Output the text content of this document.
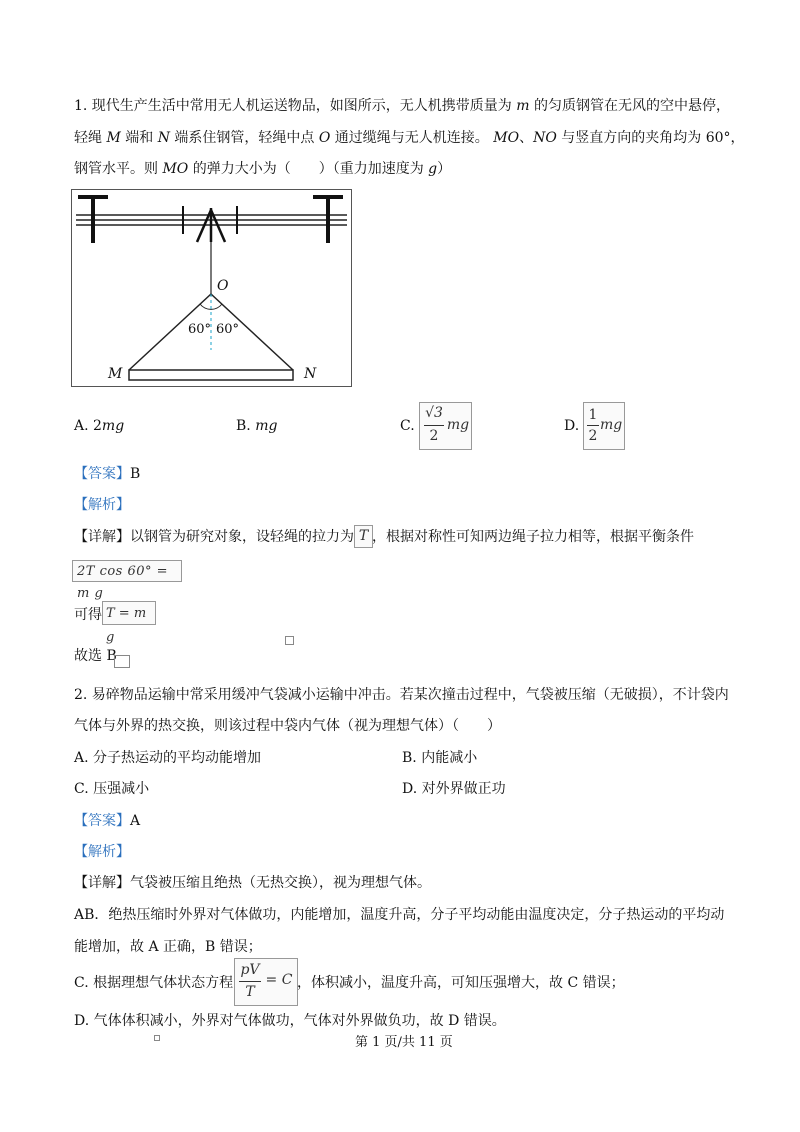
1. 现代生产生活中常用无人机运送物品，如图所示，无人机携带质量为 m 的匀质钢管在无风的空中悬停，
轻绳 M 端和 N 端系住钢管，轻绳中点 O 通过缆绳与无人机连接。 MO、NO 与竖直方向的夹角均为 60°，
钢管水平。则 MO 的弹力大小为（　　）（重力加速度为 g）
O
60° 60°
M	N
A. 2mg	B. mg	C.
√3
2
mg	D.
1
2
mg
【答案】B
【解析】
【详解】以钢管为研究对象，设轻绳的拉力为 T ，根据对称性可知两边绳子拉力相等，根据平衡条件
2T cos 60° = m g
可得 T = m g
故选 B
2. 易碎物品运输中常采用缓冲气袋减小运输中冲击。若某次撞击过程中，气袋被压缩（无破损），不计袋内
气体与外界的热交换，则该过程中袋内气体（视为理想气体）（　　）
A. 分子热运动的平均动能增加	B. 内能减小
C. 压强减小	D. 对外界做正功
【答案】A
【解析】
【详解】气袋被压缩且绝热（无热交换），视为理想气体。
AB．绝热压缩时外界对气体做功，内能增加，温度升高，分子平均动能由温度决定，分子热运动的平均动
能增加，故 A 正确，B 错误；
C. 根据理想气体状态方程
pV
T
= C ，体积减小，温度升高，可知压强增大，故 C 错误；
D. 气体体积减小，外界对气体做功，气体对外界做负功，故 D 错误。
第 1 页/共 11 页
